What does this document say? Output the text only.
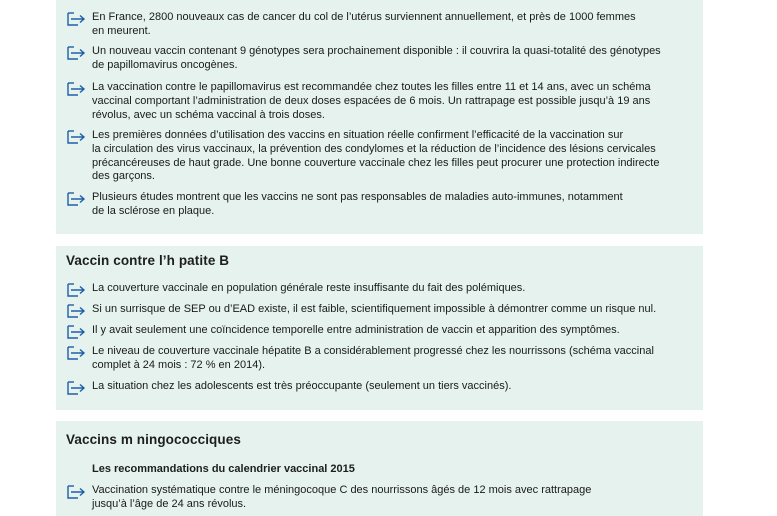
En France, 2800 nouveaux cas de cancer du col de l’utérus surviennent annuellement, et près de 1000 femmes
en meurent.
Un nouveau vaccin contenant 9 génotypes sera prochainement disponible : il couvrira la quasi-totalité des génotypes
de papillomavirus oncogènes.
La vaccination contre le papillomavirus est recommandée chez toutes les filles entre 11 et 14 ans, avec un schéma
vaccinal comportant l’administration de deux doses espacées de 6 mois. Un rattrapage est possible jusqu’à 19 ans
révolus, avec un schéma vaccinal à trois doses.
Les premières données d’utilisation des vaccins en situation réelle confirment l’efficacité de la vaccination sur
la circulation des virus vaccinaux, la prévention des condylomes et la réduction de l’incidence des lésions cervicales
précancéreuses de haut grade. Une bonne couverture vaccinale chez les filles peut procurer une protection indirecte
des garçons.
Plusieurs études montrent que les vaccins ne sont pas responsables de maladies auto-immunes, notamment
de la sclérose en plaque.
Vaccin contre l’h patite B
La couverture vaccinale en population générale reste insuffisante du fait des polémiques.
Si un surrisque de SEP ou d’EAD existe, il est faible, scientifiquement impossible à démontrer comme un risque nul.
Il y avait seulement une coïncidence temporelle entre administration de vaccin et apparition des symptômes.
Le niveau de couverture vaccinale hépatite B a considérablement progressé chez les nourrissons (schéma vaccinal
complet à 24 mois : 72 % en 2014).
La situation chez les adolescents est très préoccupante (seulement un tiers vaccinés).
Vaccins m ningococciques
Les recommandations du calendrier vaccinal 2015
Vaccination systématique contre le méningocoque C des nourrissons âgés de 12 mois avec rattrapage
jusqu’à l’âge de 24 ans révolus.
